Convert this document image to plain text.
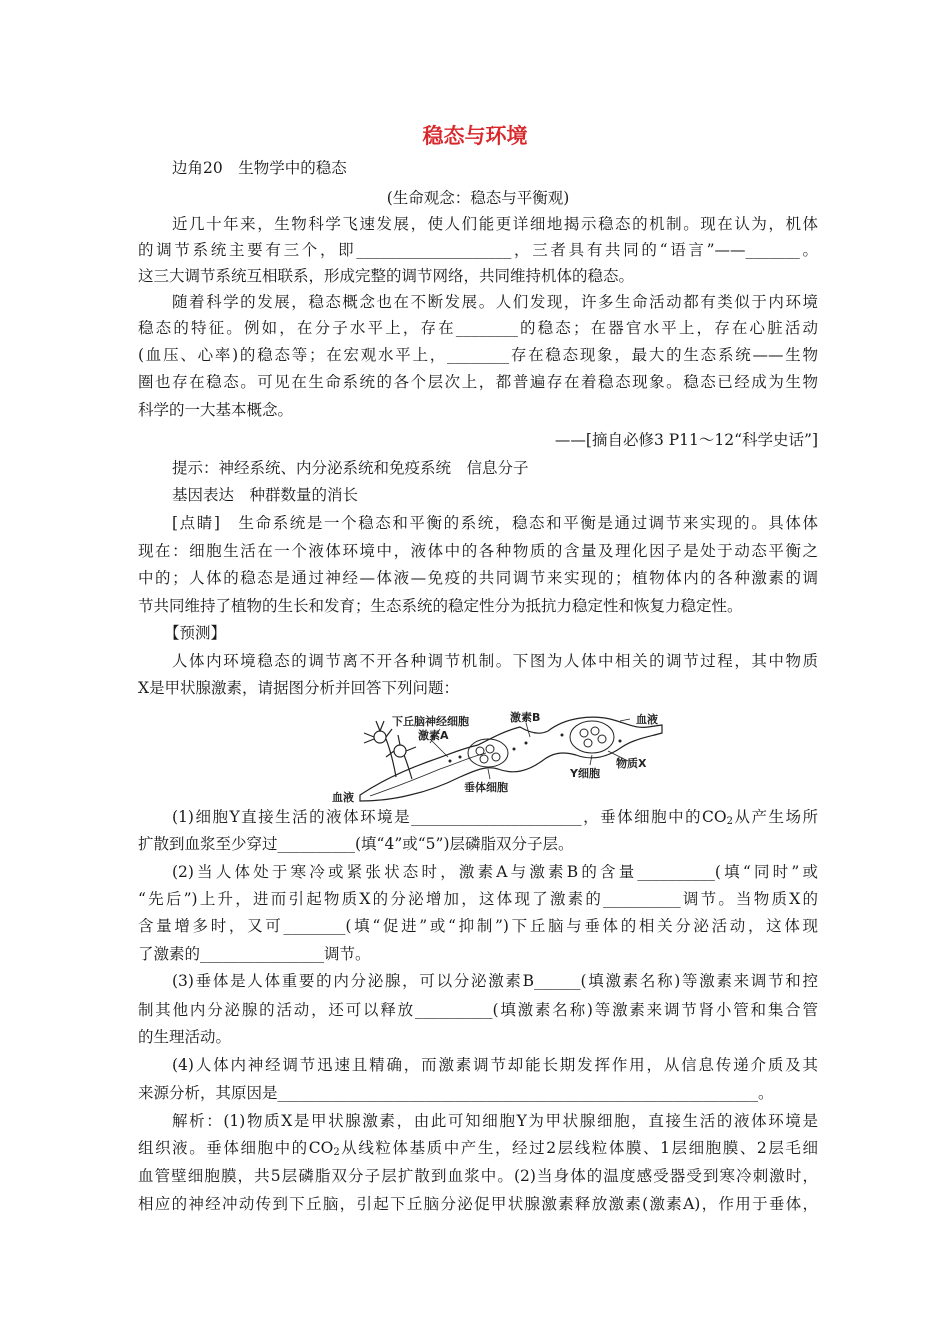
稳态与环境
边角20　生物学中的稳态
(生命观念：稳态与平衡观)
近几十年来，生物科学飞速发展，使人们能更详细地揭示稳态的机制。现在认为，机体
的调节系统主要有三个，即____________________，三者具有共同的“语言”——_______。
这三大调节系统互相联系，形成完整的调节网络，共同维持机体的稳态。
随着科学的发展，稳态概念也在不断发展。人们发现，许多生命活动都有类似于内环境
稳态的特征。例如，在分子水平上，存在________的稳态；在器官水平上，存在心脏活动
(血压、心率)的稳态等；在宏观水平上，________存在稳态现象，最大的生态系统——生物
圈也存在稳态。可见在生命系统的各个层次上，都普遍存在着稳态现象。稳态已经成为生物
科学的一大基本概念。
——[摘自必修3 P11～12“科学史话”]
提示：神经系统、内分泌系统和免疫系统　信息分子
基因表达　种群数量的消长
[点睛]　生命系统是一个稳态和平衡的系统，稳态和平衡是通过调节来实现的。具体体
现在：细胞生活在一个液体环境中，液体中的各种物质的含量及理化因子是处于动态平衡之
中的；人体的稳态是通过神经—体液—免疫的共同调节来实现的；植物体内的各种激素的调
节共同维持了植物的生长和发育；生态系统的稳定性分为抵抗力稳定性和恢复力稳定性。
【预测】
人体内环境稳态的调节离不开各种调节机制。下图为人体中相关的调节过程，其中物质
X是甲状腺激素，请据图分析并回答下列问题：
下丘脑神经细胞
激素A
激素B	血液
血液
垂体细胞
Y细胞
物质X
(1)细胞Y直接生活的液体环境是______________________，垂体细胞中的$CO_2$从产生场所
扩散到血浆至少穿过__________(填“4”或“5”)层磷脂双分子层。
(2)当人体处于寒冷或紧张状态时，激素A与激素B的含量__________(填“同时”或
“先后”)上升，进而引起物质X的分泌增加，这体现了激素的__________调节。当物质X的
含量增多时，又可________(填“促进”或“抑制”)下丘脑与垂体的相关分泌活动，这体现
了激素的________________调节。
(3)垂体是人体重要的内分泌腺，可以分泌激素B______(填激素名称)等激素来调节和控
制其他内分泌腺的活动，还可以释放__________(填激素名称)等激素来调节肾小管和集合管
的生理活动。
(4)人体内神经调节迅速且精确，而激素调节却能长期发挥作用，从信息传递介质及其
来源分析，其原因是______________________________________________________________。
解析：(1)物质X是甲状腺激素，由此可知细胞Y为甲状腺细胞，直接生活的液体环境是
组织液。垂体细胞中的$CO_2$从线粒体基质中产生，经过2层线粒体膜、1层细胞膜、2层毛细
血管壁细胞膜，共5层磷脂双分子层扩散到血浆中。(2)当身体的温度感受器受到寒冷刺激时，
相应的神经冲动传到下丘脑，引起下丘脑分泌促甲状腺激素释放激素(激素A)，作用于垂体，
